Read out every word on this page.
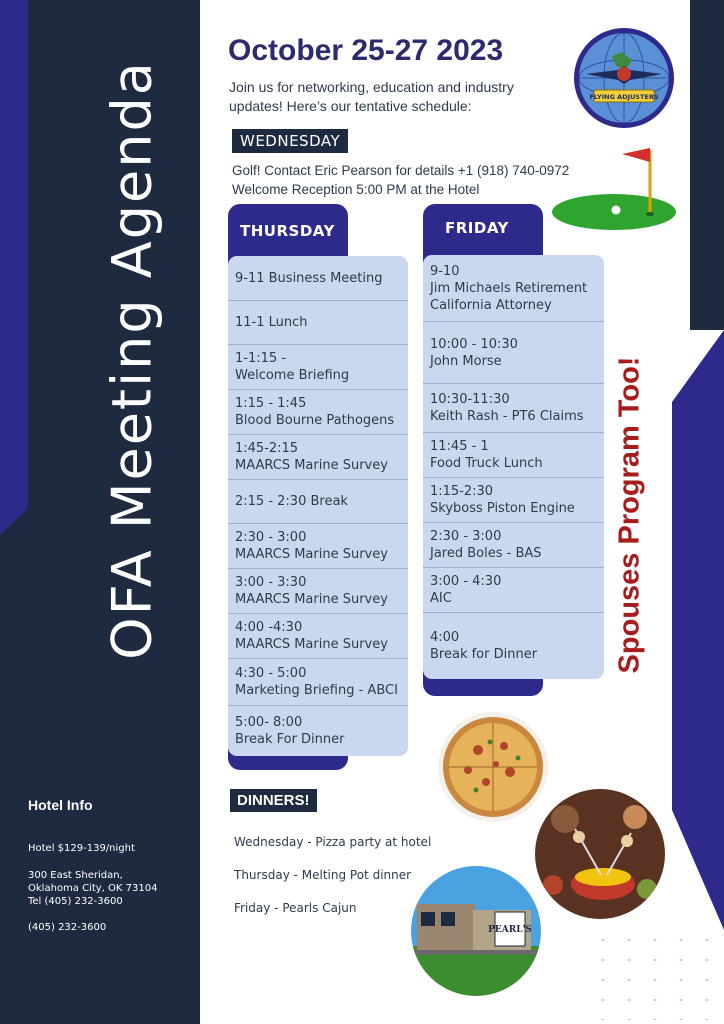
OFA Meeting Agenda
Hotel Info
Hotel $129-139/night
300 East Sheridan,
Oklahoma City, OK 73104
Tel (405) 232-3600
(405) 232-3600
October 25-27 2023
Join us for networking, education and industry updates! Here’s our tentative schedule:
FLYING ADJUSTERS
WEDNESDAY
Golf! Contact Eric Pearson for details +1 (918) 740-0972
Welcome Reception 5:00 PM at the Hotel
THURSDAY
9-11 Business Meeting
11-1 Lunch
1-1:15 -
Welcome Briefing
1:15 - 1:45
Blood Bourne Pathogens
1:45-2:15
MAARCS Marine Survey
2:15 - 2:30 Break
2:30 - 3:00
MAARCS Marine Survey
3:00 - 3:30
MAARCS Marine Survey
4:00 -4:30
MAARCS Marine Survey
4:30 - 5:00
Marketing Briefing - ABCI
5:00- 8:00
Break For Dinner
FRIDAY
9-10
Jim Michaels Retirement
California Attorney
10:00 - 10:30
John Morse
10:30-11:30
Keith Rash - PT6 Claims
11:45 - 1
Food Truck Lunch
1:15-2:30
Skyboss Piston Engine
2:30 - 3:00
Jared Boles - BAS
3:00 - 4:30
AIC
4:00
Break for Dinner	Spouses Program Too!
DINNERS!
Wednesday - Pizza party at hotel
Thursday - Melting Pot dinner
Friday - Pearls Cajun
PEARL'S
